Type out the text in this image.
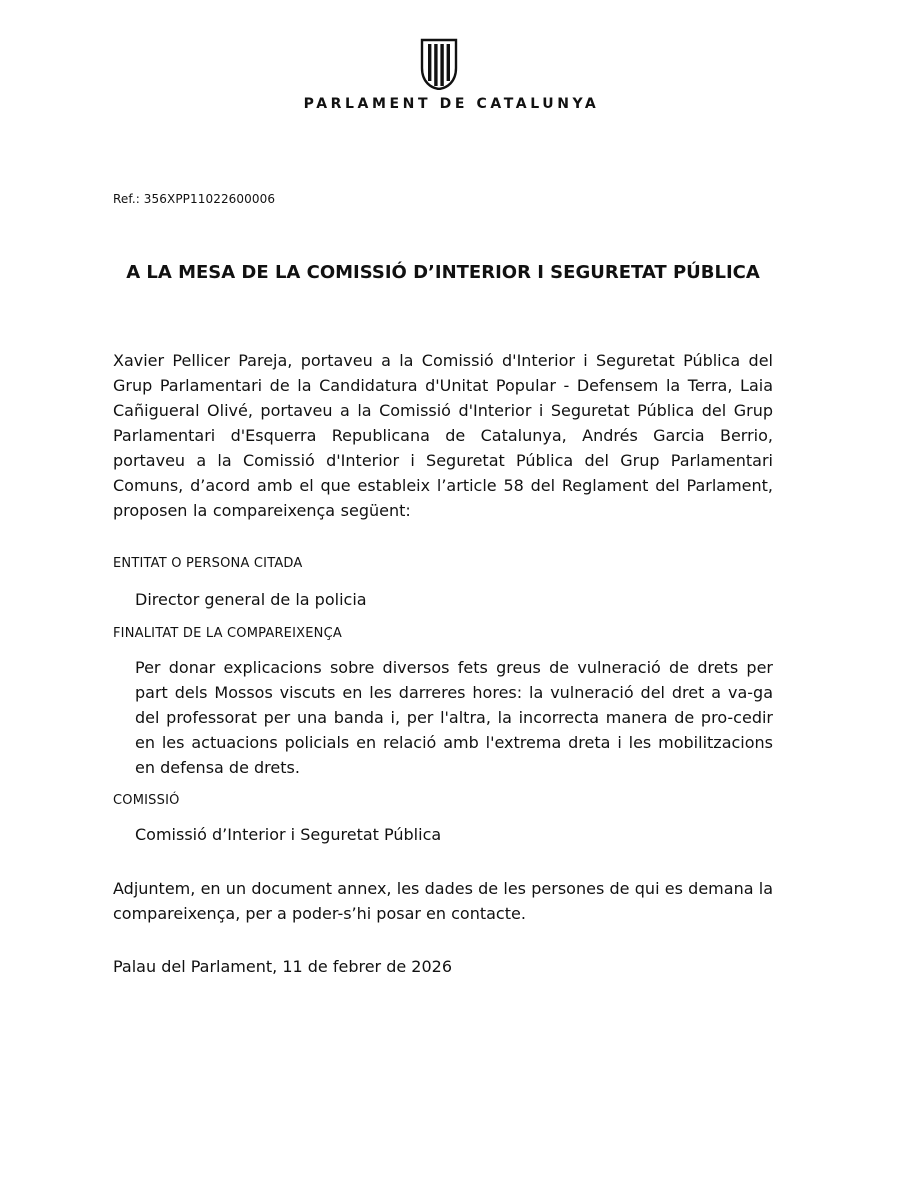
PARLAMENT DE CATALUNYA
Ref.: 356XPP11022600006
A LA MESA DE LA COMISSIÓ D’INTERIOR I SEGURETAT PÚBLICA

Xavier Pellicer Pareja, portaveu a la Comissió d'Interior i Seguretat Pública del Grup Parlamentari de la Candidatura d'Unitat Popular - Defensem la Terra, Laia Cañigueral Olivé, portaveu a la Comissió d'Interior i Seguretat Pública del Grup Parlamentari d'Esquerra Republicana de Catalunya, Andrés Garcia Berrio, portaveu a la Comissió d'Interior i Seguretat Pública del Grup Parlamentari Comuns, d’acord amb el que estableix l’article 58 del Reglament del Parlament, proposen la compareixença següent:

ENTITAT O PERSONA CITADA

Director general de la policia

FINALITAT DE LA COMPAREIXENÇA

Per donar explicacions sobre diversos fets greus de vulneració de drets per part dels Mossos viscuts en les darreres hores: la vulneració del dret a va-ga del professorat per una banda i, per l'altra, la incorrecta manera de pro-cedir en les actuacions policials en relació amb l'extrema dreta i les mobilitzacions en defensa de drets.

COMISSIÓ

Comissió d’Interior i Seguretat Pública

Adjuntem, en un document annex, les dades de les persones de qui es demana la compareixença, per a poder-s’hi posar en contacte.

Palau del Parlament, 11 de febrer de 2026
